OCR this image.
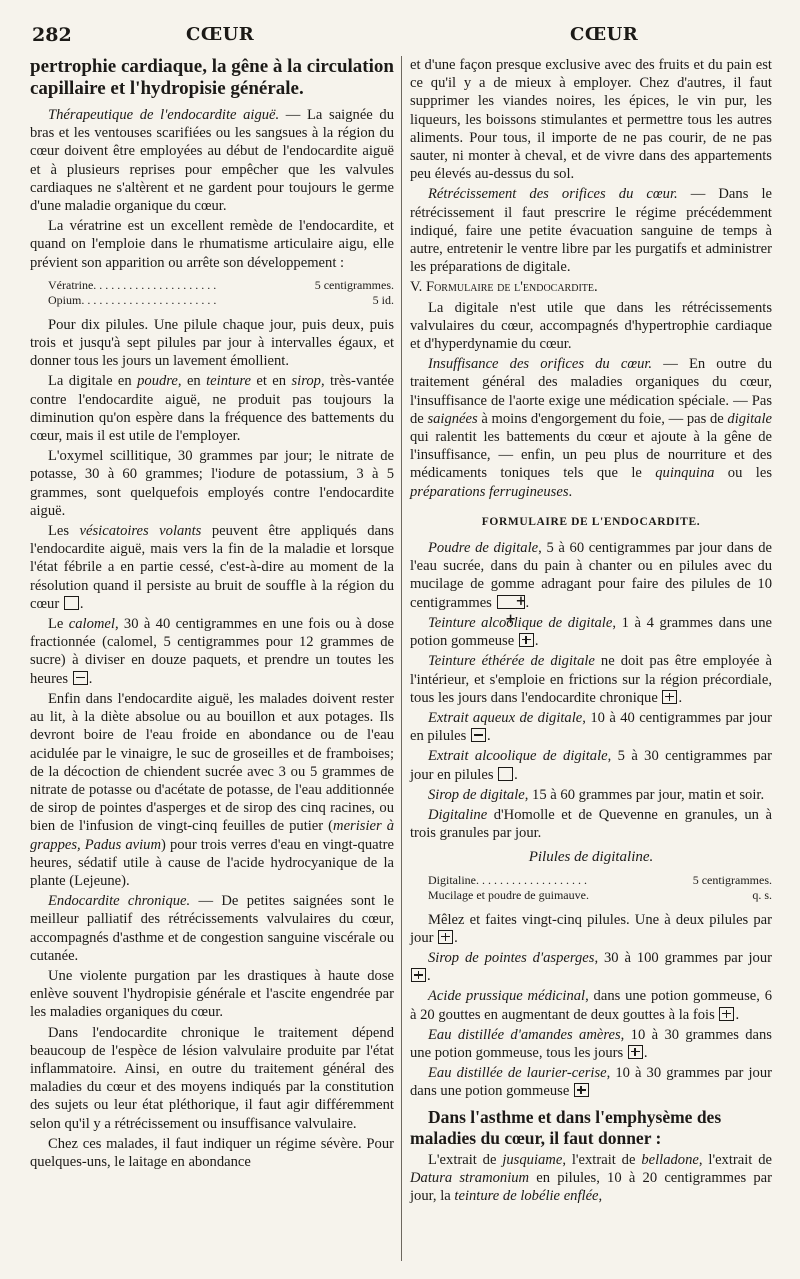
282	CŒUR	CŒUR

pertrophie cardiaque, la gêne à la circulation capillaire et l'hydropisie générale.

Thérapeutique de l'endocardite aiguë. — La saignée du bras et les ventouses scarifiées ou les sangsues à la région du cœur doivent être employées au début de l'endocardite aiguë et à plusieurs reprises pour empêcher que les valvules cardiaques ne s'altèrent et ne gardent pour toujours le germe d'une maladie organique du cœur.

La vératrine est un excellent remède de l'endocardite, et quand on l'emploie dans le rhumatisme articulaire aigu, elle prévient son apparition ou arrête son développement :

Vératrine. . . . . . . . . . . . . . . . . . . . .	5 centigrammes.
Opium. . . . . . . . . . . . . . . . . . . . . . .	5 id.

Pour dix pilules. Une pilule chaque jour, puis deux, puis trois et jusqu'à sept pilules par jour à intervalles égaux, et donner tous les jours un lavement émollient.

La digitale en poudre, en teinture et en sirop, très-vantée contre l'endocardite aiguë, ne produit pas toujours la diminution qu'on espère dans la fréquence des battements du cœur, mais il est utile de l'employer.

L'oxymel scillitique, 30 grammes par jour; le nitrate de potasse, 30 à 60 grammes; l'iodure de potassium, 3 à 5 grammes, sont quelquefois employés contre l'endocardite aiguë.

Les vésicatoires volants peuvent être appliqués dans l'endocardite aiguë, mais vers la fin de la maladie et lorsque l'état fébrile a en partie cessé, c'est-à-dire au moment de la résolution quand il persiste au bruit de souffle à la région du cœur .

Le calomel, 30 à 40 centigrammes en une fois ou à dose fractionnée (calomel, 5 centigrammes pour 12 grammes de sucre) à diviser en douze paquets, et prendre un toutes les heures .

Enfin dans l'endocardite aiguë, les malades doivent rester au lit, à la diète absolue ou au bouillon et aux potages. Ils devront boire de l'eau froide en abondance ou de l'eau acidulée par le vinaigre, le suc de groseilles et de framboises; de la décoction de chiendent sucrée avec 3 ou 5 grammes de nitrate de potasse ou d'acétate de potasse, de l'eau additionnée de sirop de pointes d'asperges et de sirop des cinq racines, ou bien de l'infusion de vingt-cinq feuilles de putier (merisier à grappes, Padus avium) pour trois verres d'eau en vingt-quatre heures, sédatif utile à cause de l'acide hydrocyanique de la plante (Lejeune).

Endocardite chronique. — De petites saignées sont le meilleur palliatif des rétrécissements valvulaires du cœur, accompagnés d'asthme et de congestion sanguine viscérale ou cutanée.

Une violente purgation par les drastiques à haute dose enlève souvent l'hydropisie générale et l'ascite engendrée par les maladies organiques du cœur.

Dans l'endocardite chronique le traitement dépend beaucoup de l'espèce de lésion valvulaire produite par l'état inflammatoire. Ainsi, en outre du traitement général des maladies du cœur et des moyens indiqués par la constitution des sujets ou leur état pléthorique, il faut agir différemment selon qu'il y a rétrécissement ou insuffisance valvulaire.

Chez ces malades, il faut indiquer un régime sévère. Pour quelques-uns, le laitage en abondance

et d'une façon presque exclusive avec des fruits et du pain est ce qu'il y a de mieux à employer. Chez d'autres, il faut supprimer les viandes noires, les épices, le vin pur, les liqueurs, les boissons stimulantes et permettre tous les autres aliments. Pour tous, il importe de ne pas courir, de ne pas sauter, ni monter à cheval, et de vivre dans des appartements peu élevés au-dessus du sol.

Rétrécissement des orifices du cœur. — Dans le rétrécissement il faut prescrire le régime précédemment indiqué, faire une petite évacuation sanguine de temps à autre, entretenir le ventre libre par les purgatifs et administrer les préparations de digitale.

V. Formulaire de l'endocardite.

La digitale n'est utile que dans les rétrécissements valvulaires du cœur, accompagnés d'hypertrophie cardiaque et d'hyperdynamie du cœur.

Insuffisance des orifices du cœur. — En outre du traitement général des maladies organiques du cœur, l'insuffisance de l'aorte exige une médication spéciale. — Pas de saignées à moins d'engorgement du foie, — pas de digitale qui ralentit les battements du cœur et ajoute à la gêne de l'insuffisance, — enfin, un peu plus de nourriture et des médicaments toniques tels que le quinquina ou les préparations ferrugineuses.

FORMULAIRE DE L'ENDOCARDITE.

Poudre de digitale, 5 à 60 centigrammes par jour dans de l'eau sucrée, dans du pain à chanter ou en pilules avec du mucilage de gomme adragant pour faire des pilules de 10 centigrammes + + .

Teinture alcoolique de digitale, 1 à 4 grammes dans une potion gommeuse .

Teinture éthérée de digitale ne doit pas être employée à l'intérieur, et s'emploie en frictions sur la région précordiale, tous les jours dans l'endocardite chronique .

Extrait aqueux de digitale, 10 à 40 centigrammes par jour en pilules .

Extrait alcoolique de digitale, 5 à 30 centigrammes par jour en pilules .

Sirop de digitale, 15 à 60 grammes par jour, matin et soir.

Digitaline d'Homolle et de Quevenne en granules, un à trois granules par jour.

Pilules de digitaline.

Digitaline. . . . . . . . . . . . . . . . . . .	5 centigrammes.
Mucilage et poudre de guimauve.	q. s.

Mêlez et faites vingt-cinq pilules. Une à deux pilules par jour .

Sirop de pointes d'asperges, 30 à 100 grammes par jour .

Acide prussique médicinal, dans une potion gommeuse, 6 à 20 gouttes en augmentant de deux gouttes à la fois .

Eau distillée d'amandes amères, 10 à 30 grammes dans une potion gommeuse, tous les jours .

Eau distillée de laurier-cerise, 10 à 30 grammes par jour dans une potion gommeuse

Dans l'asthme et dans l'emphysème des maladies du cœur, il faut donner :

L'extrait de jusquiame, l'extrait de belladone, l'extrait de Datura stramonium en pilules, 10 à 20 centigrammes par jour, la teinture de lobélie enflée,
